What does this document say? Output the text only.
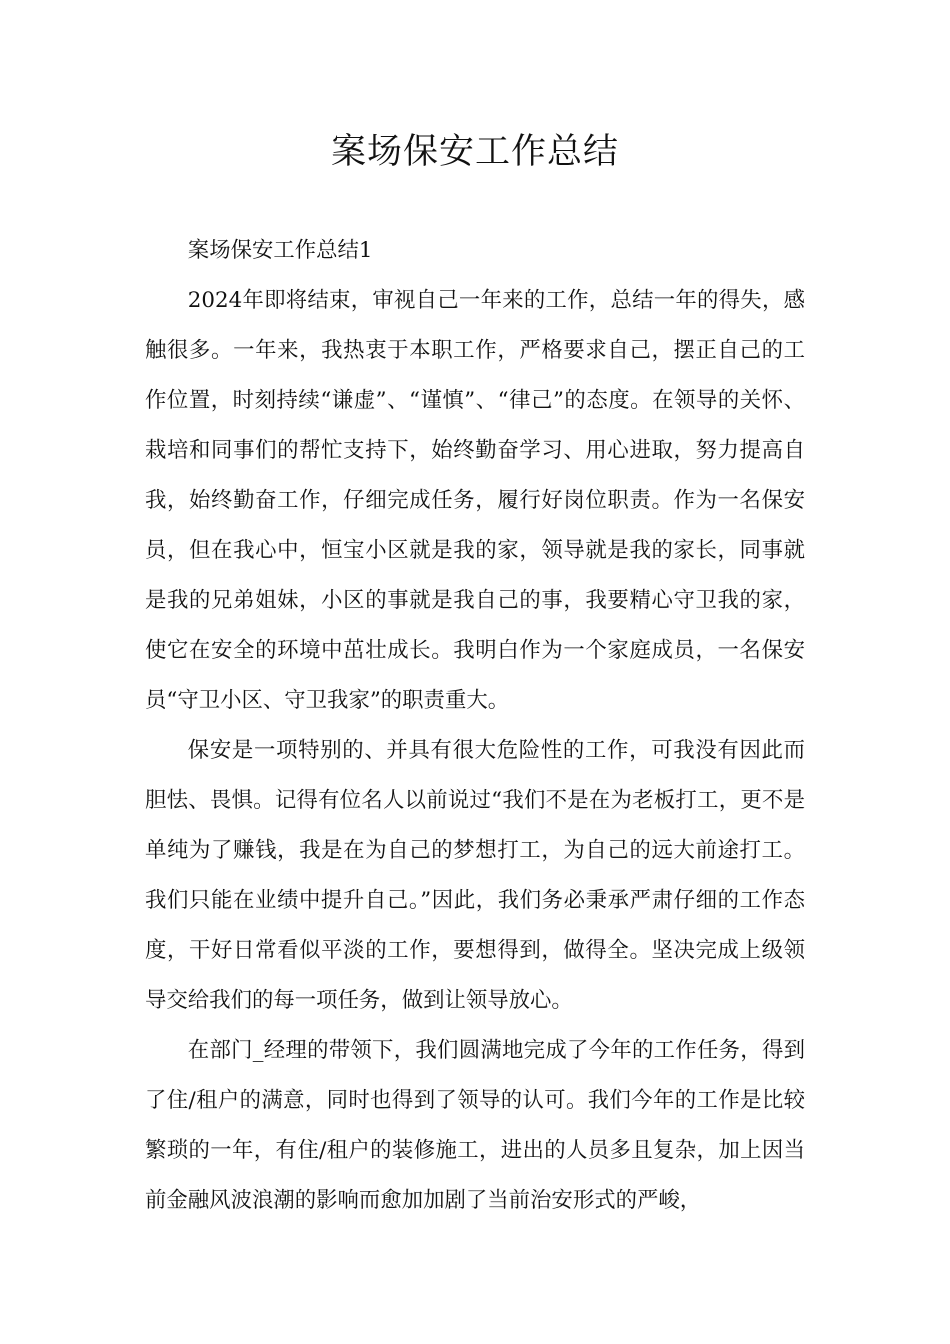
案场保安工作总结

案场保安工作总结1

2024年即将结束，审视自己一年来的工作，总结一年的得失，感触很多。一年来，我热衷于本职工作，严格要求自己，摆正自己的工作位置，时刻持续“谦虚”、“谨慎”、“律己”的态度。在领导的关怀、栽培和同事们的帮忙支持下，始终勤奋学习、用心进取，努力提高自我，始终勤奋工作，仔细完成任务，履行好岗位职责。作为一名保安员，但在我心中，恒宝小区就是我的家，领导就是我的家长，同事就是我的兄弟姐妹，小区的事就是我自己的事，我要精心守卫我的家，使它在安全的环境中茁壮成长。我明白作为一个家庭成员，一名保安员“守卫小区、守卫我家”的职责重大。

保安是一项特别的、并具有很大危险性的工作，可我没有因此而胆怯、畏惧。记得有位名人以前说过“我们不是在为老板打工，更不是单纯为了赚钱，我是在为自己的梦想打工，为自己的远大前途打工。我们只能在业绩中提升自己。”因此，我们务必秉承严肃仔细的工作态度，干好日常看似平淡的工作，要想得到，做得全。坚决完成上级领导交给我们的每一项任务，做到让领导放心。

在部门_经理的带领下，我们圆满地完成了今年的工作任务，得到了住/租户的满意，同时也得到了领导的认可。我们今年的工作是比较繁琐的一年，有住/租户的装修施工，进出的人员多且复杂，加上因当前金融风波浪潮的影响而愈加加剧了当前治安形式的严峻，
